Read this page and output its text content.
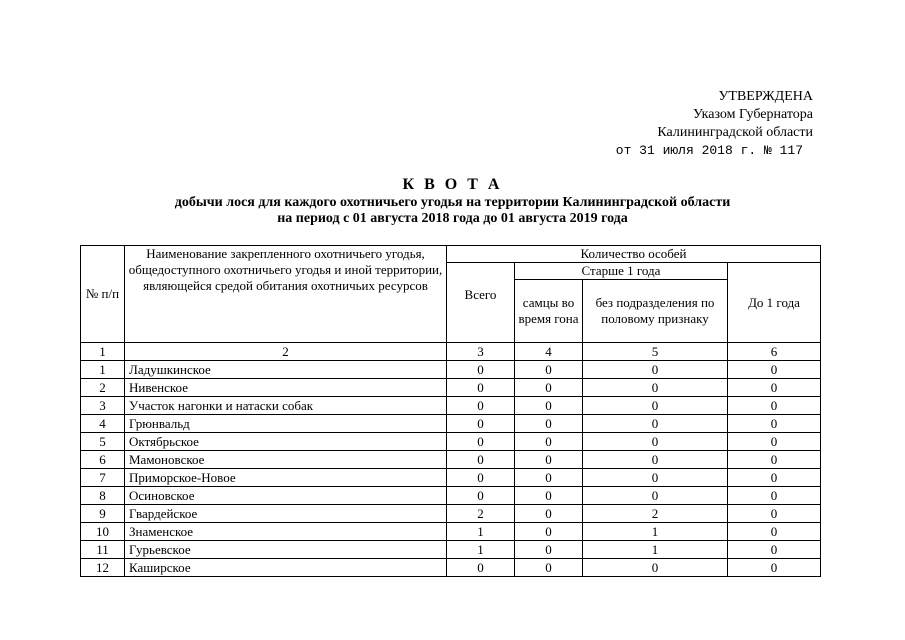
УТВЕРЖДЕНА
Указом Губернатора
Калининградской области
от 31 июля 2018 г. № 117
К В О Т А
добычи лося для каждого охотничьего угодья на территории Калининградской области
на период с 01 августа 2018 года до 01 августа 2019 года
№ п/п	Наименование закрепленного охотничьего угодья, общедоступного охотничьего угодья и иной территории, являющейся средой обитания охотничьих ресурсов	Количество особей			
		Всего	Старше 1 года		До 1 года
			самцы во время гона	без подразделения по половому признаку	
1	2	3	4	5	6
1	Ладушкинское	0	0	0	0
2	Нивенское	0	0	0	0
3	Участок нагонки и натаски собак	0	0	0	0
4	Грюнвальд	0	0	0	0
5	Октябрьское	0	0	0	0
6	Мамоновское	0	0	0	0
7	Приморское-Новое	0	0	0	0
8	Осиновское	0	0	0	0
9	Гвардейское	2	0	2	0
10	Знаменское	1	0	1	0
11	Гурьевское	1	0	1	0
12	Каширское	0	0	0	0
